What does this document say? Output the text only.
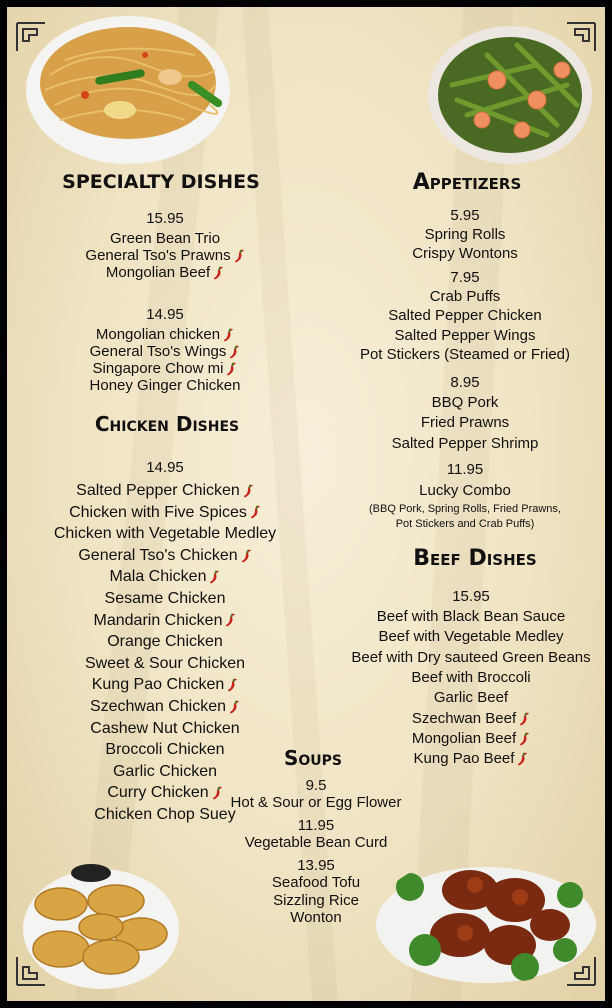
SPECIALTY DISHES	Appetizers
Chicken Dishes
Beef Dishes
Soups
15.95
Green Bean Trio
General Tso's Prawns
Mongolian Beef
14.95
Mongolian chicken
General Tso's Wings
Singapore Chow mi
Honey Ginger Chicken
14.95
Salted Pepper Chicken
Chicken with Five Spices
Chicken with Vegetable Medley
General Tso's Chicken
Mala Chicken
Sesame Chicken
Mandarin Chicken
Orange Chicken
Sweet & Sour Chicken
Kung Pao Chicken
Szechwan Chicken
Cashew Nut Chicken
Broccoli Chicken
Garlic Chicken
Curry Chicken
Chicken Chop Suey
5.95
Spring Rolls
Crispy Wontons
7.95
Crab Puffs
Salted Pepper Chicken
Salted Pepper Wings
Pot Stickers (Steamed or Fried)
8.95
BBQ Pork
Fried Prawns
Salted Pepper Shrimp
11.95
Lucky Combo
(BBQ Pork, Spring Rolls, Fried Prawns,
Pot Stickers and Crab Puffs)
15.95
Beef with Black Bean Sauce
Beef with Vegetable Medley
Beef with Dry sauteed Green Beans
Beef with Broccoli
Garlic Beef
Szechwan Beef
Mongolian Beef
Kung Pao Beef
9.5
Hot & Sour or Egg Flower
11.95
Vegetable Bean Curd
13.95
Seafood Tofu
Sizzling Rice
Wonton
